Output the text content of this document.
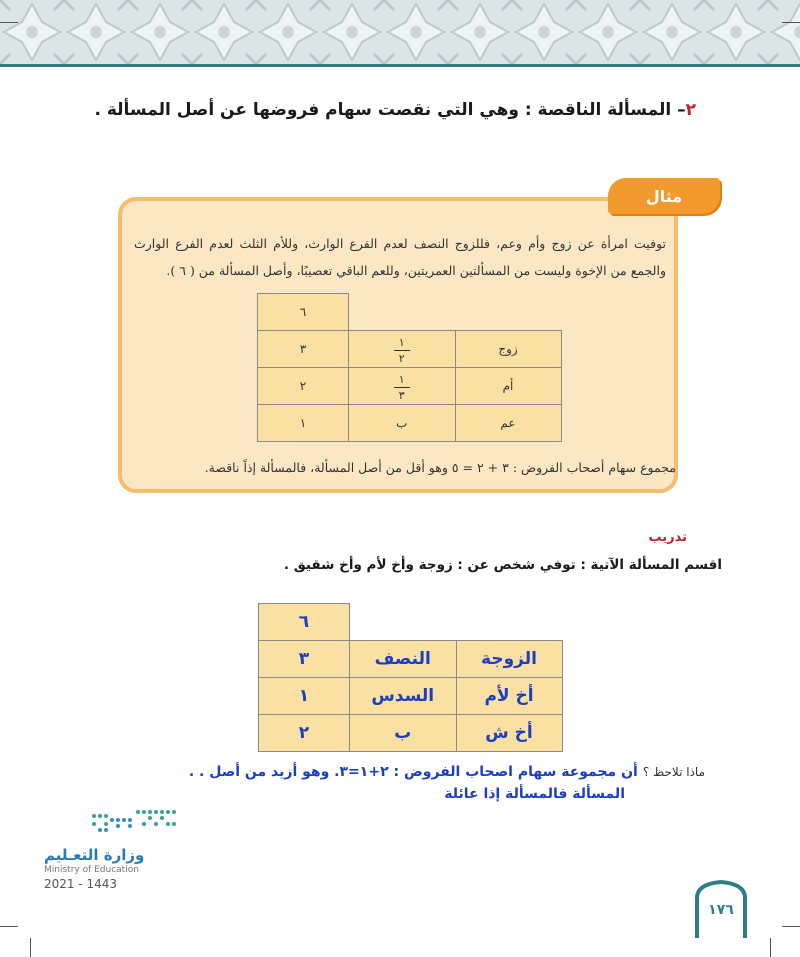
٢– المسألة الناقصة : وهي التي نقصت سهام فروضها عن أصل المسألة .
مثال
توفيت امرأة عن زوج وأم وعم، فللزوج النصف لعدم الفرع الوارث، وللأم الثلث لعدم الفرع الوارث والجمع من الإخوة وليست من المسألتين العمريتين، وللعم الباقي تعصيبًا، وأصل المسألة من ( ٦ ).
		٦
زوج	$\frac{١}{٢}$	٣
أم	$\frac{١}{٣}$	٢
عم	ب	١
مجموع سهام أصحاب الفروض : ٣ + ٢ = ٥ وهو أقل من أصل المسألة، فالمسألة إذاً ناقصة.
تدريب
اقسم المسألة الآتية : توفي شخص عن : زوجة وأخ لأم وأخ شقيق .
		٦
الزوجة	النصف	٣
أخ لأم	السدس	١
أخ ش	ب	٢
ماذا تلاحظ ؟ أن مجموعة سهام اصحاب الفروض : ٢+١=٣. وهو أزيد من أصل . .
المسألة فالمسألة إذا عائلة
وزارة التعـليم
Ministry of Education
2021 - 1443
١٧٦
